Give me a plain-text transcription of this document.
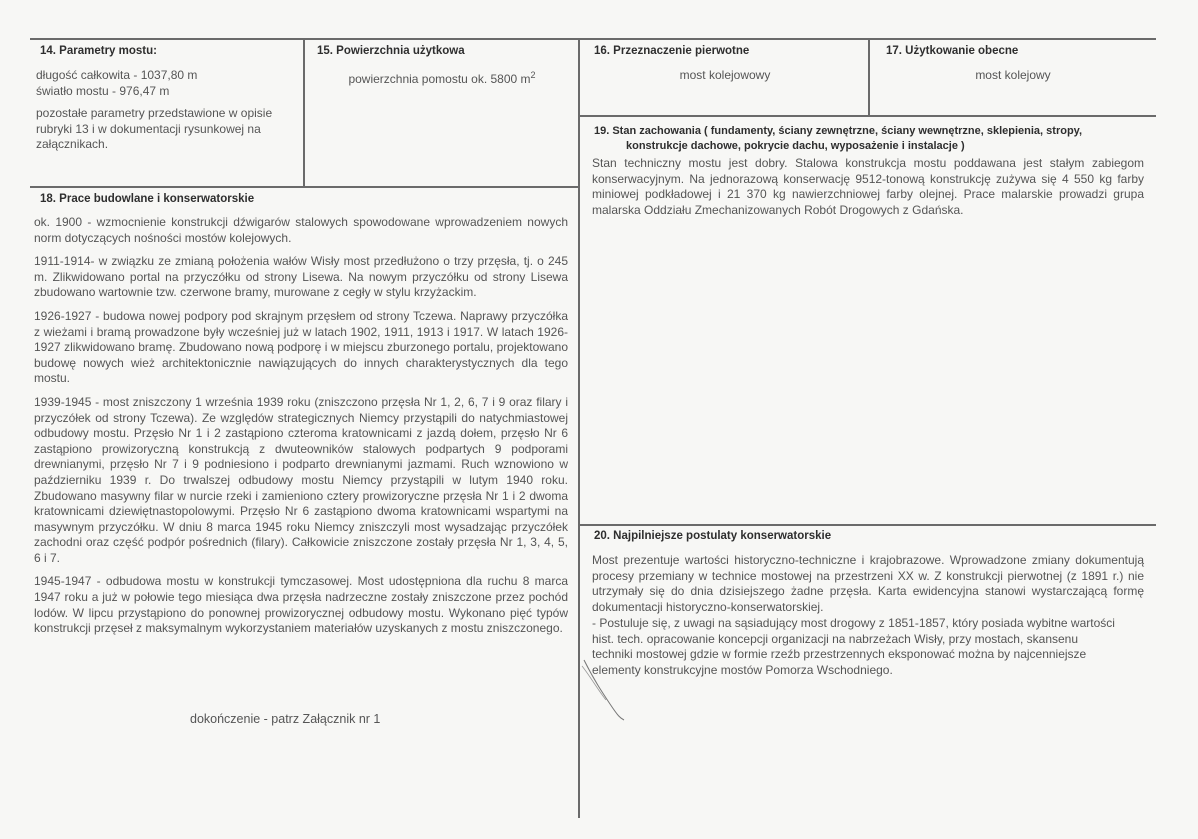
14. Parametry mostu:

długość całkowita - 1037,80 m

światło mostu - 976,47 m

pozostałe parametry przedstawione w opisie rubryki 13 i w dokumentacji rysunkowej na załącznikach.

15. Powierzchnia użytkowa
powierzchnia pomostu ok. 5800 $m^2$
16. Przeznaczenie pierwotne
most kolejowowy
17. Użytkowanie obecne
most kolejowy
18. Prace budowlane i konserwatorskie

ok. 1900 - wzmocnienie konstrukcji dźwigarów stalowych spowodowane wprowadzeniem nowych norm dotyczących nośności mostów kolejowych.

1911-1914- w związku ze zmianą położenia wałów Wisły most przedłużono o trzy przęsła, tj. o 245 m. Zlikwidowano portal na przyczółku od strony Lisewa. Na nowym przyczółku od strony Lisewa zbudowano wartownie tzw. czerwone bramy, murowane z cegły w stylu krzyżackim.

1926-1927 - budowa nowej podpory pod skrajnym przęsłem od strony Tczewa. Naprawy przyczółka z wieżami i bramą prowadzone były wcześniej już w latach 1902, 1911, 1913 i 1917. W latach 1926-1927 zlikwidowano bramę. Zbudowano nową podporę i w miejscu zburzonego portalu, projektowano budowę nowych wież architektonicznie nawiązujących do innych charakterystycznych dla tego mostu.

1939-1945 - most zniszczony 1 września 1939 roku (zniszczono przęsła Nr 1, 2, 6, 7 i 9 oraz filary i przyczółek od strony Tczewa). Ze względów strategicznych Niemcy przystąpili do natychmiastowej odbudowy mostu. Przęsło Nr 1 i 2 zastąpiono czteroma kratownicami z jazdą dołem, przęsło Nr 6 zastąpiono prowizoryczną konstrukcją z dwuteowników stalowych podpartych 9 podporami drewnianymi, przęsło Nr 7 i 9 podniesiono i podparto drewnianymi jazmami. Ruch wznowiono w październiku 1939 r. Do trwalszej odbudowy mostu Niemcy przystąpili w lutym 1940 roku. Zbudowano masywny filar w nurcie rzeki i zamieniono cztery prowizoryczne przęsła Nr 1 i 2 dwoma kratownicami dziewiętnastopolowymi. Przęsło Nr 6 zastąpiono dwoma kratownicami wspartymi na masywnym przyczółku. W dniu 8 marca 1945 roku Niemcy zniszczyli most wysadzając przyczółek zachodni oraz część podpór pośrednich (filary). Całkowicie zniszczone zostały przęsła Nr 1, 3, 4, 5, 6 i 7.

1945-1947 - odbudowa mostu w konstrukcji tymczasowej. Most udostępniona dla ruchu 8 marca 1947 roku a już w połowie tego miesiąca dwa przęsła nadrzeczne zostały zniszczone przez pochód lodów. W lipcu przystąpiono do ponownej prowizorycznej odbudowy mostu. Wykonano pięć typów konstrukcji przęseł z maksymalnym wykorzystaniem materiałów uzyskanych z mostu zniszczonego.

dokończenie - patrz Załącznik nr 1
19. Stan zachowania ( fundamenty, ściany zewnętrzne, ściany wewnętrzne, sklepienia, stropy,
konstrukcje dachowe, pokrycie dachu, wyposażenie i instalacje )
Stan techniczny mostu jest dobry. Stalowa konstrukcja mostu poddawana jest stałym zabiegom konserwacyjnym. Na jednorazową konserwację 9512-tonową konstrukcję zużywa się 4 550 kg farby miniowej podkładowej i 21 370 kg nawierzchniowej farby olejnej. Prace malarskie prowadzi grupa malarska Oddziału Zmechanizowanych Robót Drogowych z Gdańska.
20. Najpilniejsze postulaty konserwatorskie
Most prezentuje wartości historyczno-techniczne i krajobrazowe. Wprowadzone zmiany dokumentują procesy przemiany w technice mostowej na przestrzeni XX w. Z konstrukcji pierwotnej (z 1891 r.) nie utrzymały się do dnia dzisiejszego żadne przęsła. Karta ewidencyjna stanowi wystarczającą formę dokumentacji historyczno-konserwatorskiej.
- Postuluje się, z uwagi na sąsiadujący most drogowy z 1851-1857, który posiada wybitne wartości hist. tech. opracowanie koncepcji organizacji na nabrzeżach Wisły, przy mostach, skansenu techniki mostowej gdzie w formie rzeźb przestrzennych eksponować można by najcenniejsze elementy konstrukcyjne mostów Pomorza Wschodniego.
